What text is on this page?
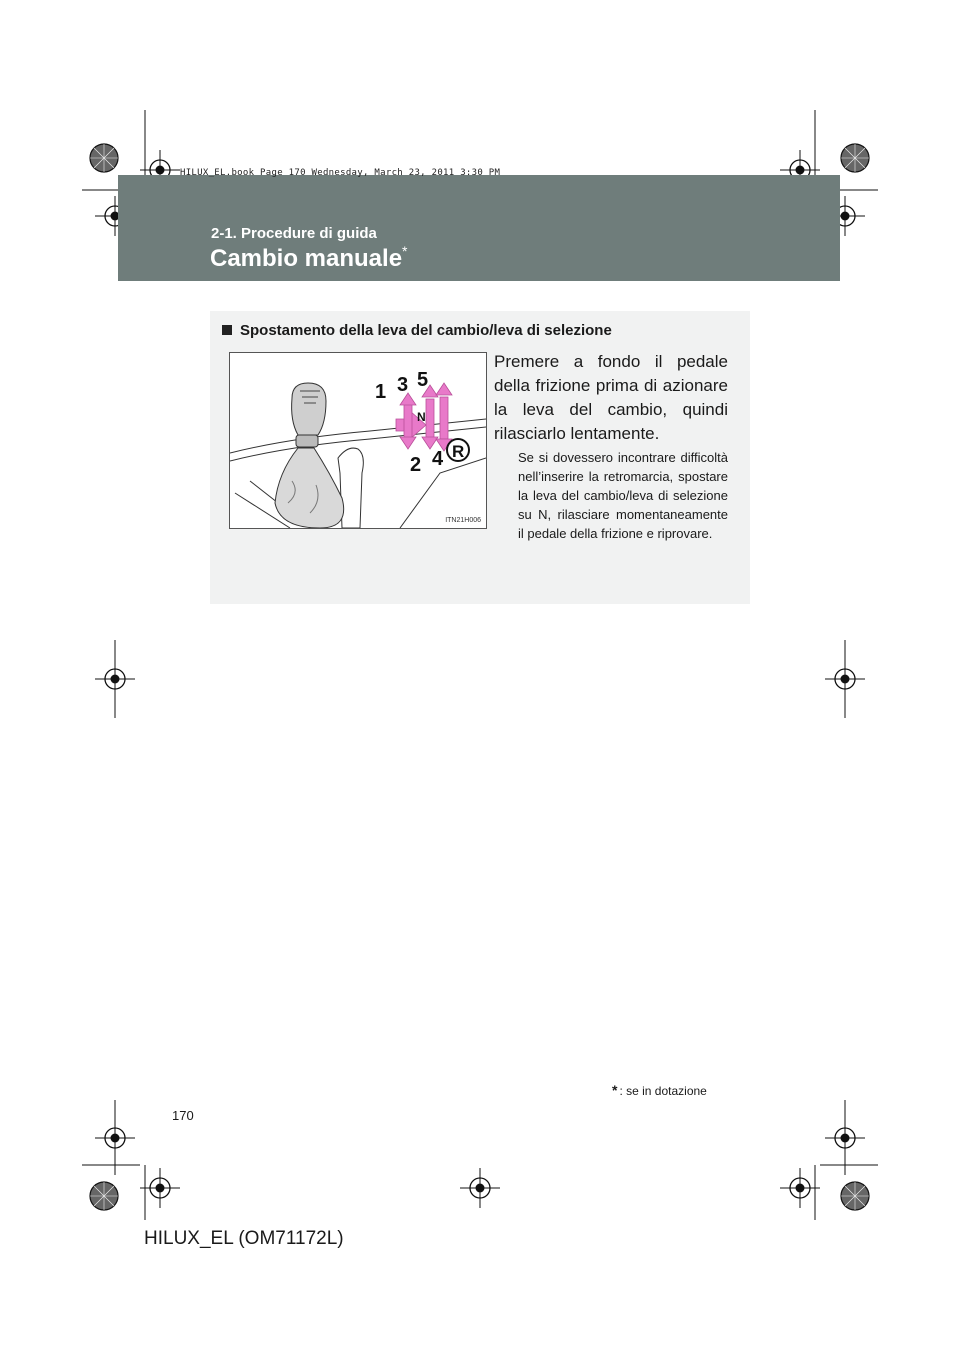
HILUX_EL.book Page 170 Wednesday, March 23, 2011 3:30 PM
2-1. Procedure di guida
Cambio manuale*
Spostamento della leva del cambio/leva di selezione
1 3 5
N
2 4 R
ITN21H006
Premere a fondo il pedale della frizione prima di azionare la leva del cambio, quindi rilasciarlo lentamente.
Se si dovessero incontrare difficoltà nell’inserire la retromarcia, spostare la leva del cambio/leva di selezione su N, rilasciare momentaneamente il pedale della frizione e riprovare.
* : se in dotazione
170
HILUX_EL (OM71172L)
